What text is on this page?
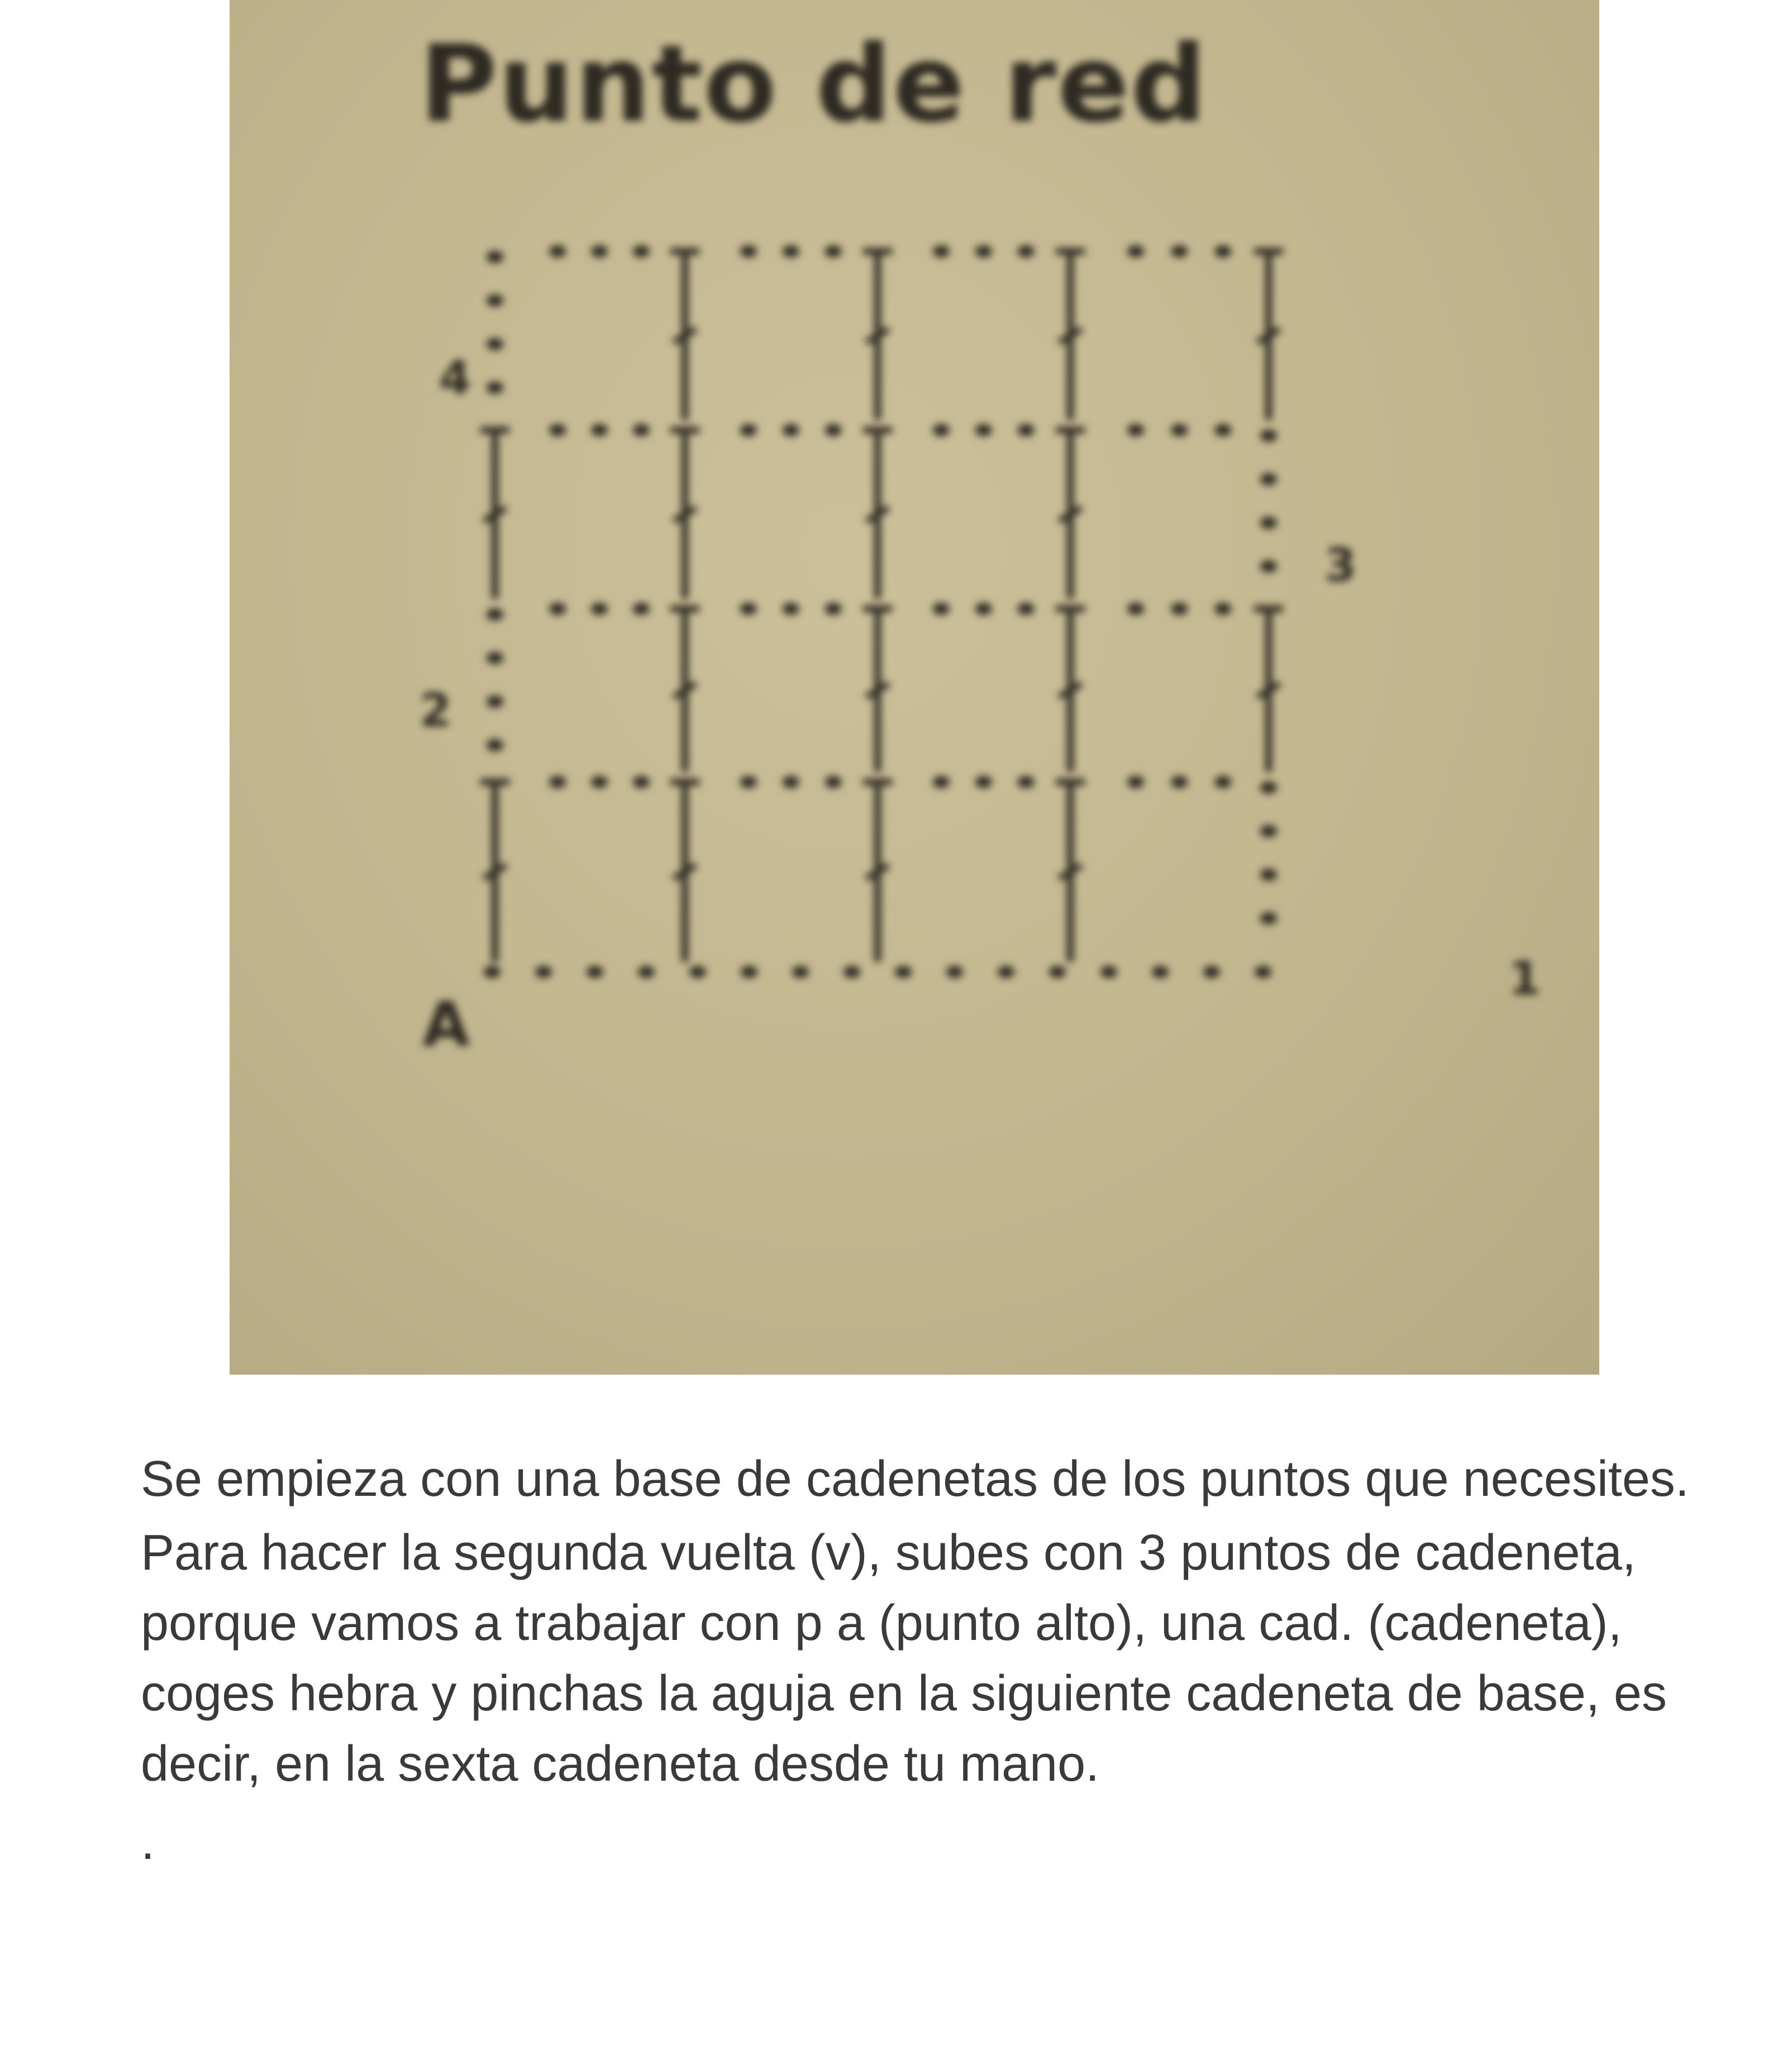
Punto de red
1
2
3
4
A

Se empieza con una base de cadenetas de los puntos que necesites.

Para hacer la segunda vuelta (v), subes con 3 puntos de cadeneta, porque vamos a trabajar con p a (punto alto), una cad. (cadeneta), coges hebra y pinchas la aguja en la siguiente cadeneta de base, es decir, en la sexta cadeneta desde tu mano.

.
